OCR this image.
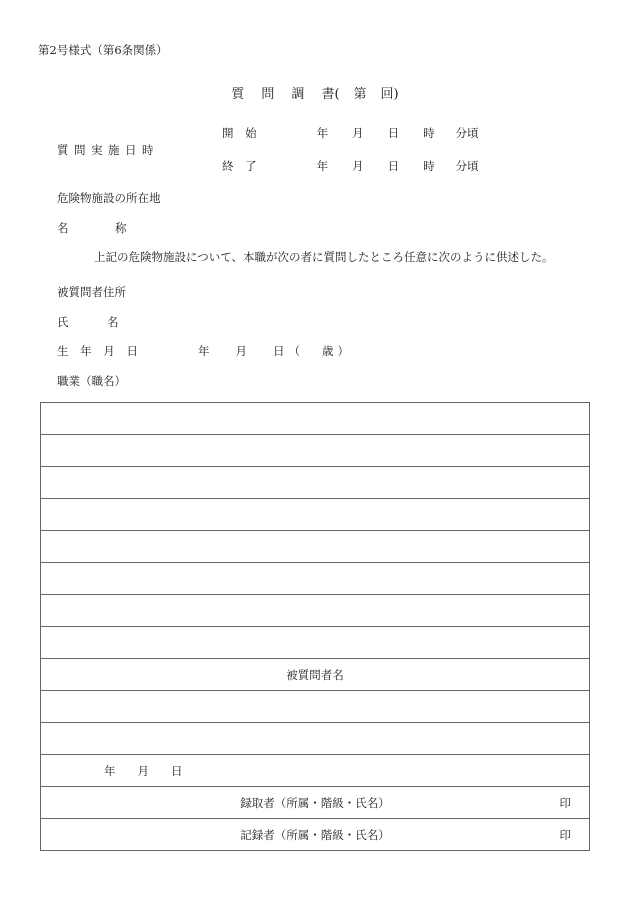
第2号様式（第6条関係）
質問調書(第回)
質問実施日時
開 始	年 月 日 時 分頃
終 了	年 月 日 時 分頃
危険物施設の所在地
名	称
上記の危険物施設について、本職が次の者に質問したところ任意に次のように供述した。
被質問者住所
氏	名
生 年 月 日	年 月 日（ 歳）
職業（職名）

被質問者名

年 月 日

録取者（所属・階級・氏名）	印

記録者（所属・階級・氏名）	印
